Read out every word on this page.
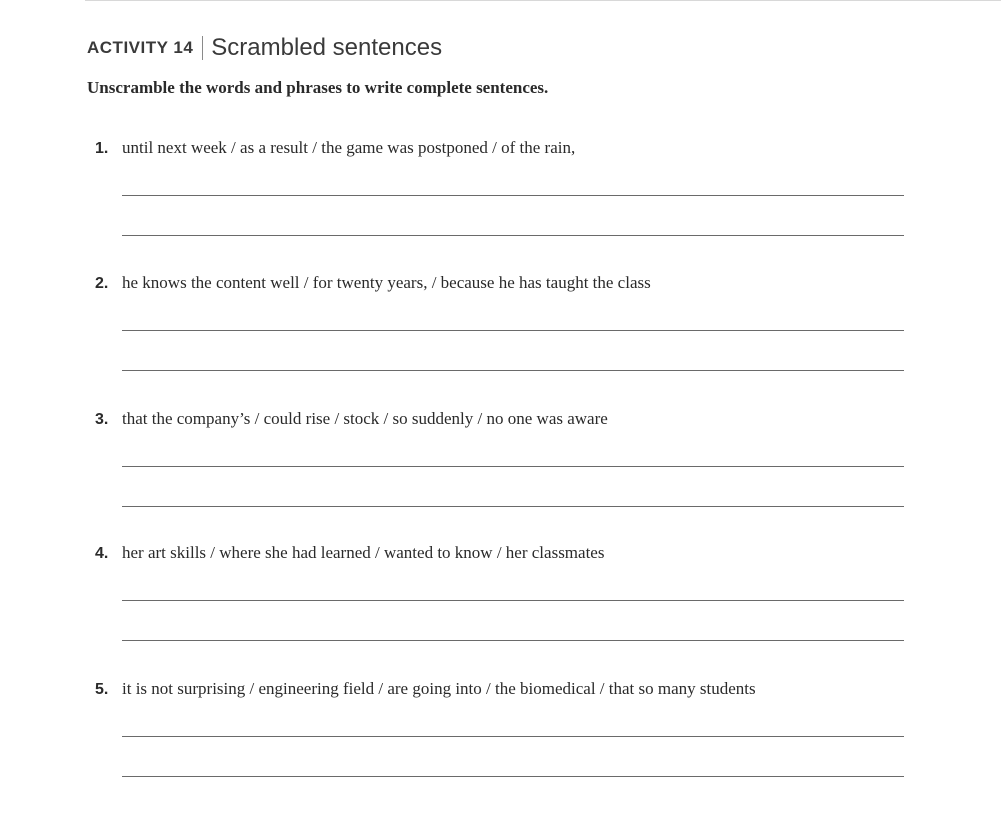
ACTIVITY 14 Scrambled sentences
Unscramble the words and phrases to write complete sentences.
1. until next week / as a result / the game was postponed / of the rain,
2. he knows the content well / for twenty years, / because he has taught the class
3. that the company’s / could rise / stock / so suddenly / no one was aware
4. her art skills / where she had learned / wanted to know / her classmates
5. it is not surprising / engineering field / are going into / the biomedical / that so many students
